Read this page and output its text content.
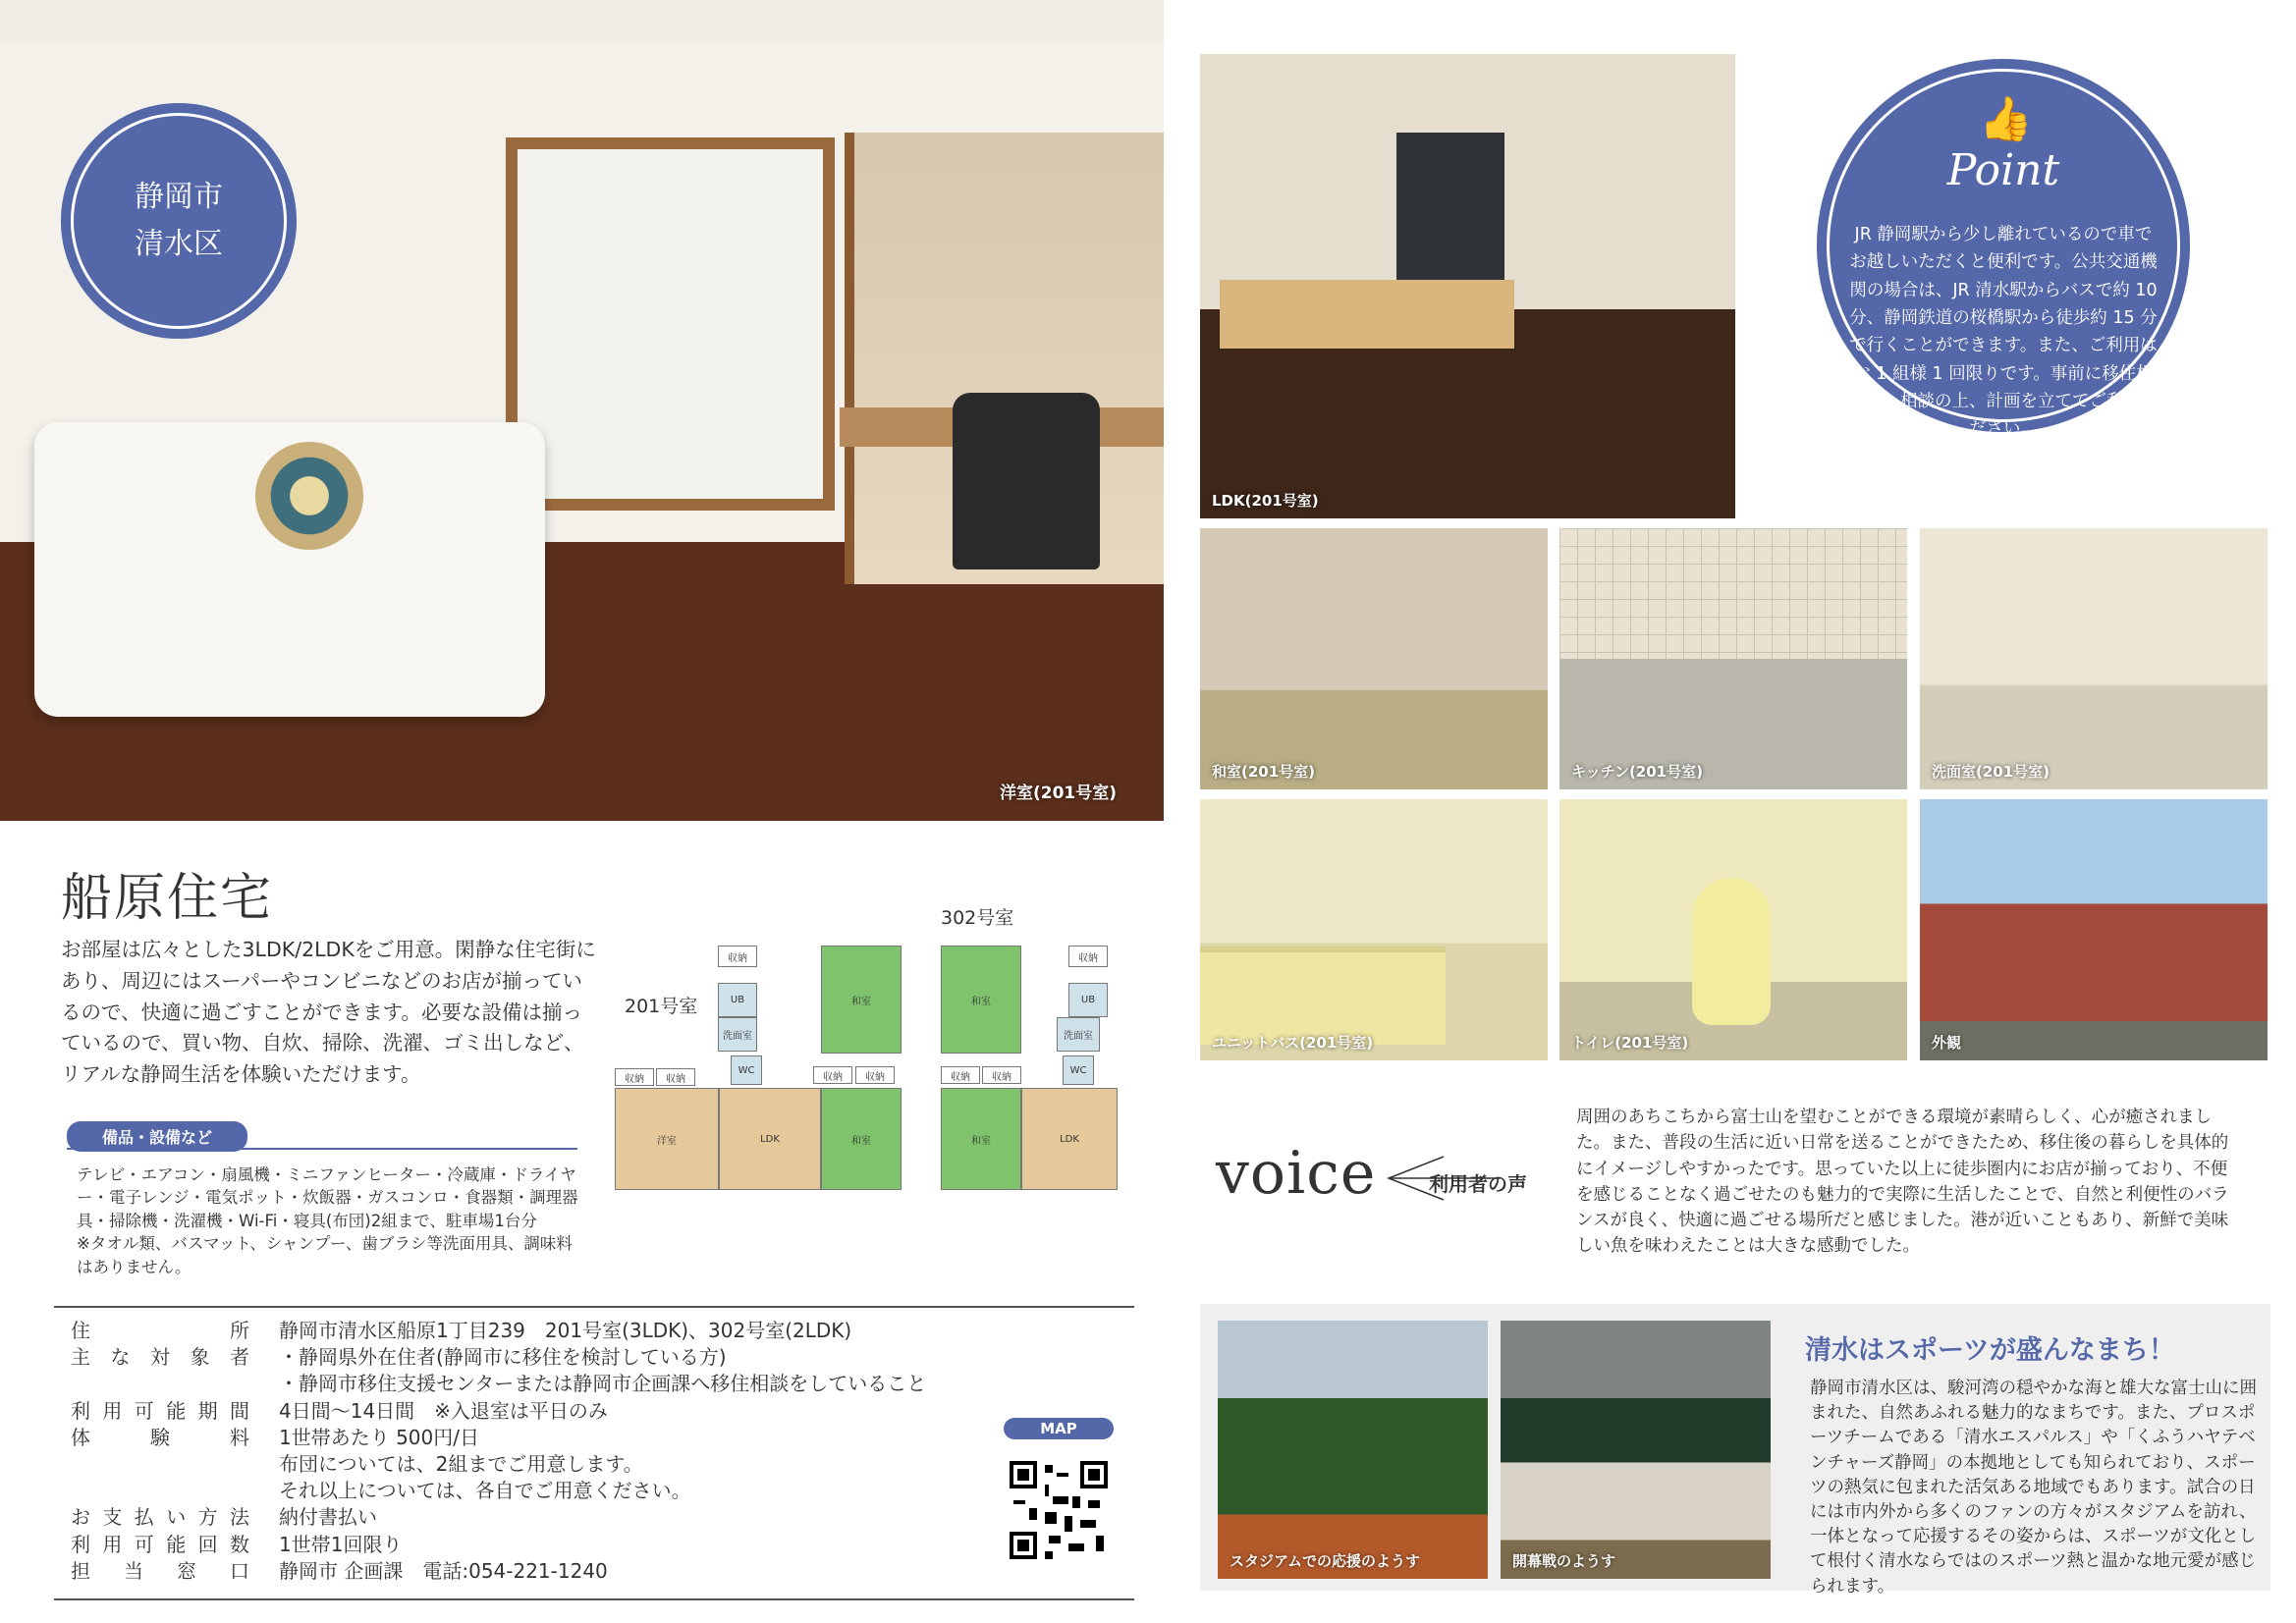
洋室(201号室)
静岡市
清水区
LDK(201号室)
👍
Point
JR 静岡駅から少し離れているので車でお越しいただくと便利です。公共交通機関の場合は、JR 清水駅からバスで約 10 分、静岡鉄道の桜橋駅から徒歩約 15 分で行くことができます。また、ご利用はお 1 組様 1 回限りです。事前に移住相談員へ相談の上、計画を立ててご利用ください。
和室(201号室)	キッチン(201号室)	洗面室(201号室)
ユニットバス(201号室)	トイレ(201号室)	外観
船原住宅

お部屋は広々とした3LDK/2LDKをご用意。閑静な住宅街にあり、周辺にはスーパーやコンビニなどのお店が揃っているので、快適に過ごすことができます。必要な設備は揃っているので、買い物、自炊、掃除、洗濯、ゴミ出しなど、リアルな静岡生活を体験いただけます。

備品・設備など
テレビ・エアコン・扇風機・ミニファンヒーター・冷蔵庫・ドライヤー・電子レンジ・電気ポット・炊飯器・ガスコンロ・食器類・調理器具・掃除機・洗濯機・Wi-Fi・寝具(布団)2組まで、駐車場1台分
※タオル類、バスマット、シャンプー、歯ブラシ等洗面用具、調味料はありません。
201号室
収納
UB
洗面室
WC
和室
収納	収納
和室
収納	収納
洋室	LDK
302号室
和室
収納
UB
洗面室
WC
収納	収納
和室	LDK
住所	静岡市清水区船原1丁目239　201号室(3LDK)、302号室(2LDK)
主な対象者	・静岡県外在住者(静岡市に移住を検討している方)
・静岡市移住支援センターまたは静岡市企画課へ移住相談をしていること
利用可能期間	4日間〜14日間　※入退室は平日のみ
体験料	1世帯あたり 500円/日
布団については、2組までご用意します。
それ以上については、各自でご用意ください。
お支払い方法	納付書払い
利用可能回数	1世帯1回限り
担当窓口	静岡市 企画課　電話:054-221-1240
MAP
voice	利用者の声

周囲のあちこちから富士山を望むことができる環境が素晴らしく、心が癒されました。また、普段の生活に近い日常を送ることができたため、移住後の暮らしを具体的にイメージしやすかったです。思っていた以上に徒歩圏内にお店が揃っており、不便を感じることなく過ごせたのも魅力的で実際に生活したことで、自然と利便性のバランスが良く、快適に過ごせる場所だと感じました。港が近いこともあり、新鮮で美味しい魚を味わえたことは大きな感動でした。

スタジアムでの応援のようす	開幕戦のようす
清水はスポーツが盛んなまち！

静岡市清水区は、駿河湾の穏やかな海と雄大な富士山に囲まれた、自然あふれる魅力的なまちです。また、プロスポーツチームである「清水エスパルス」や「くふうハヤテベンチャーズ静岡」の本拠地としても知られており、スポーツの熱気に包まれた活気ある地域でもあります。試合の日には市内外から多くのファンの方々がスタジアムを訪れ、一体となって応援するその姿からは、スポーツが文化として根付く清水ならではのスポーツ熱と温かな地元愛が感じられます。
